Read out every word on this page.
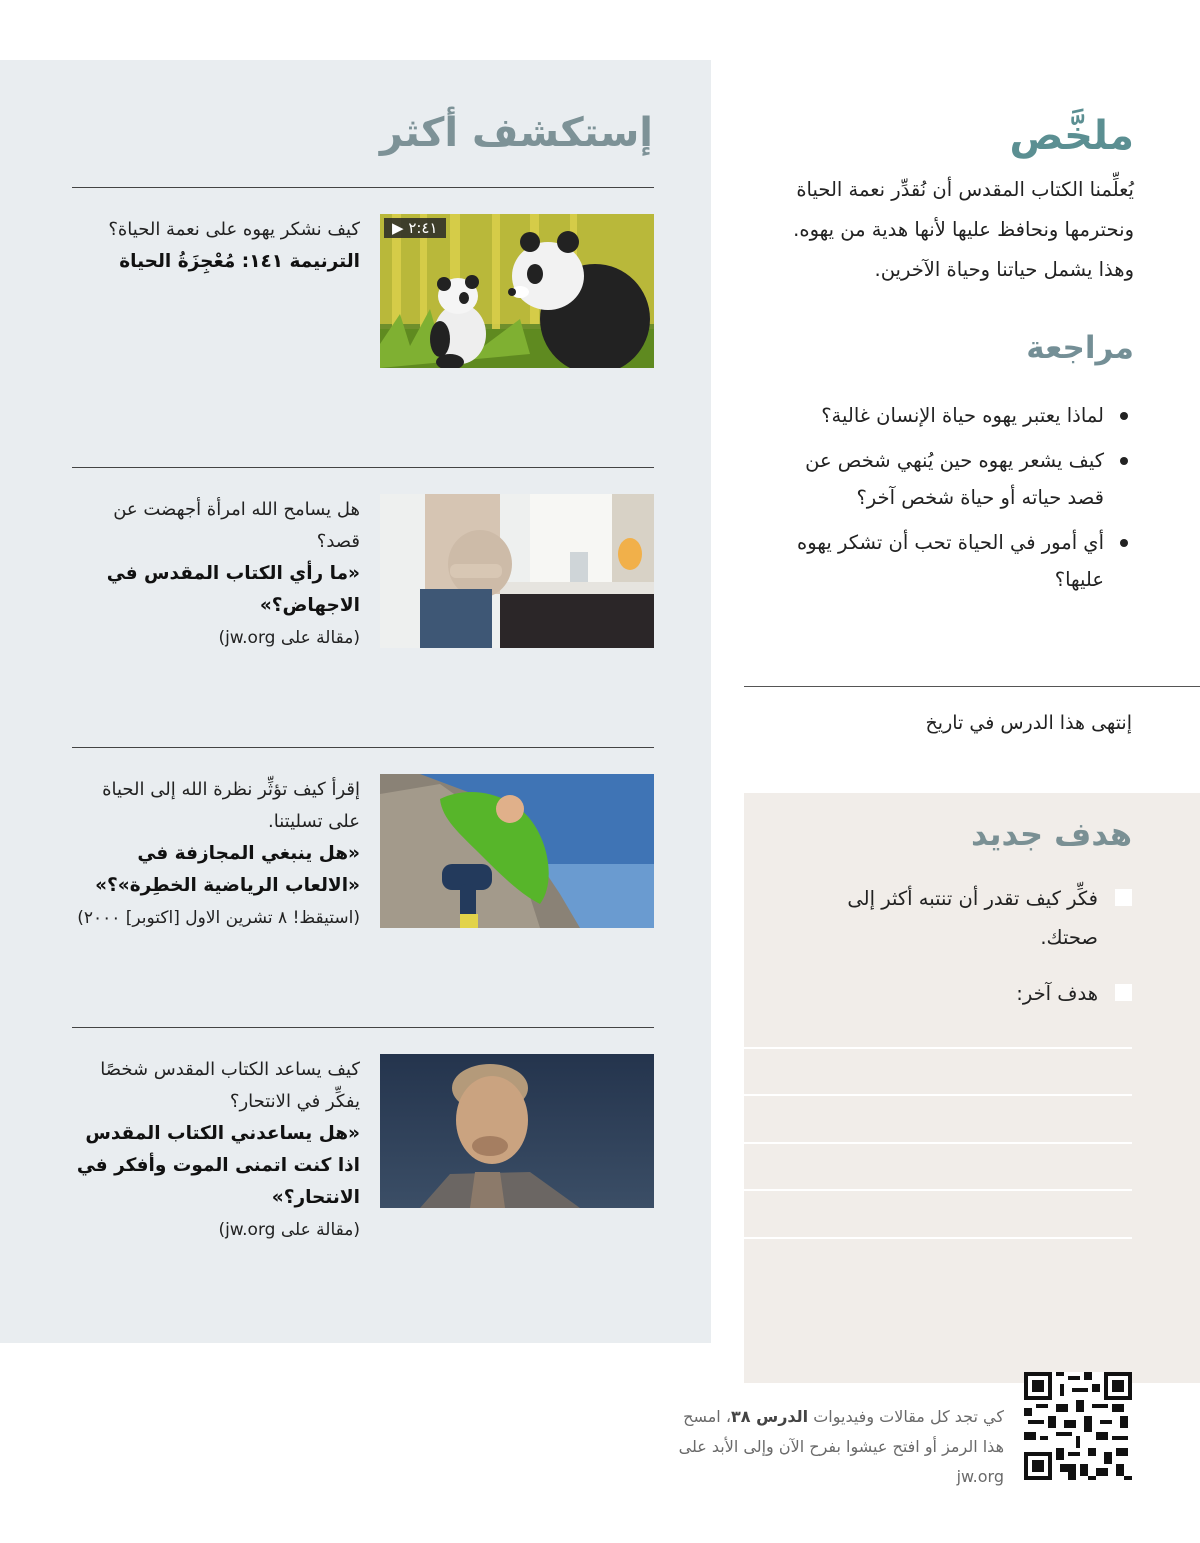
إستكشف أكثر
▶ ٢:٤١

كيف نشكر يهوه على نعمة الحياة؟

الترنيمة ١٤١: مُعْجِزَةُ الحياة

هل يسامح الله امرأة أجهضت عن قصد؟

«ما رأي الكتاب المقدس في الاجهاض؟»

(مقالة على jw.org)

إقرأ كيف تؤثِّر نظرة الله إلى الحياة على تسليتنا.

«هل ينبغي المجازفة في «الالعاب الرياضية الخطِرة»؟»

(استيقظ! ٨ تشرين الاول [اكتوبر] ٢٠٠٠)

كيف يساعد الكتاب المقدس شخصًا يفكِّر في الانتحار؟

«هل يساعدني الكتاب المقدس اذا كنت اتمنى الموت وأفكر في الانتحار؟»

(مقالة على jw.org)

ملخَّص

يُعلِّمنا الكتاب المقدس أن نُقدِّر نعمة الحياة ونحترمها ونحافظ عليها لأنها هدية من يهوه. وهذا يشمل حياتنا وحياة الآخرين.

مراجعة
لماذا يعتبر يهوه حياة الإنسان غالية؟
كيف يشعر يهوه حين يُنهي شخص عن قصد حياته أو حياة شخص آخر؟
أي أمور في الحياة تحب أن تشكر يهوه عليها؟

إنتهى هذا الدرس في تاريخ

هدف جديد
فكِّر كيف تقدر أن تنتبه أكثر إلى صحتك.
هدف آخر:

كي تجد كل مقالات وفيديوات الدرس ٣٨، امسح هذا الرمز أو افتح عيشوا بفرح الآن وإلى الأبد على jw.org
